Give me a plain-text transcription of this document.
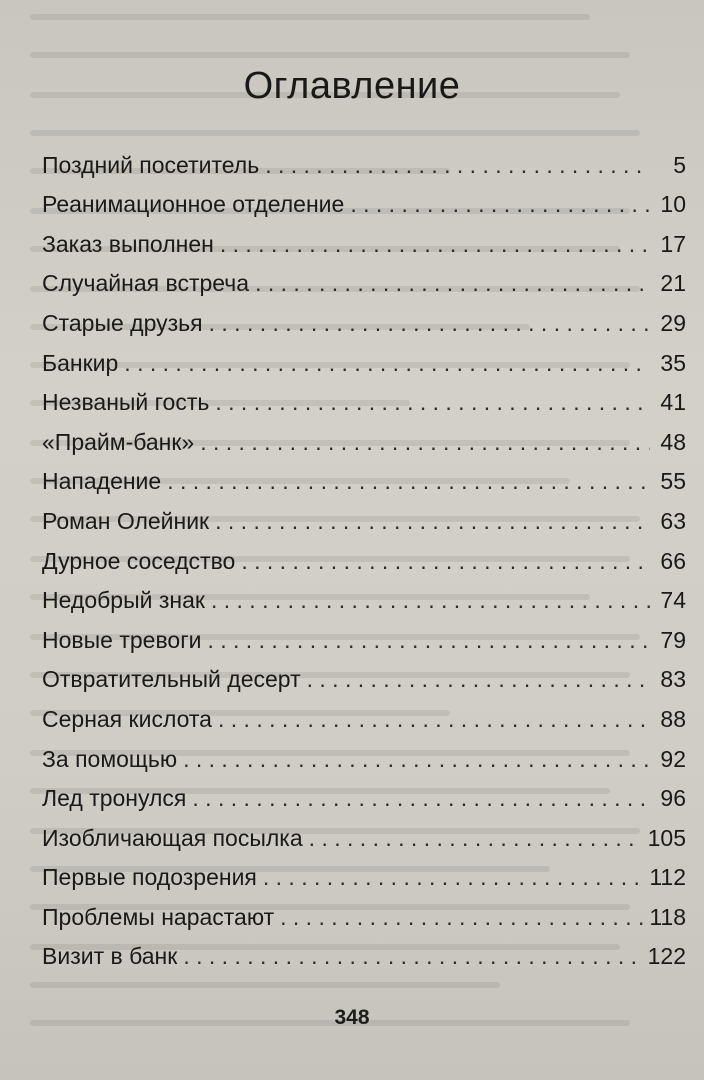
Оглавление
Поздний посетитель . . .	5
Реанимационное отделение . . .	10
Заказ выполнен . . .	17
Случайная встреча . . .	21
Старые друзья . . .	29
Банкир . . .	35
Незваный гость . . .	41
«Прайм-банк» . . .	48
Нападение . . .	55
Роман Олейник . . .	63
Дурное соседство . . .	66
Недобрый знак . . .	74
Новые тревоги . . .	79
Отвратительный десерт . . .	83
Серная кислота . . .	88
За помощью . . .	92
Лед тронулся . . .	96
Изобличающая посылка . . .	105
Первые подозрения . . .	112
Проблемы нарастают . . .	118
Визит в банк . . .	122
348
